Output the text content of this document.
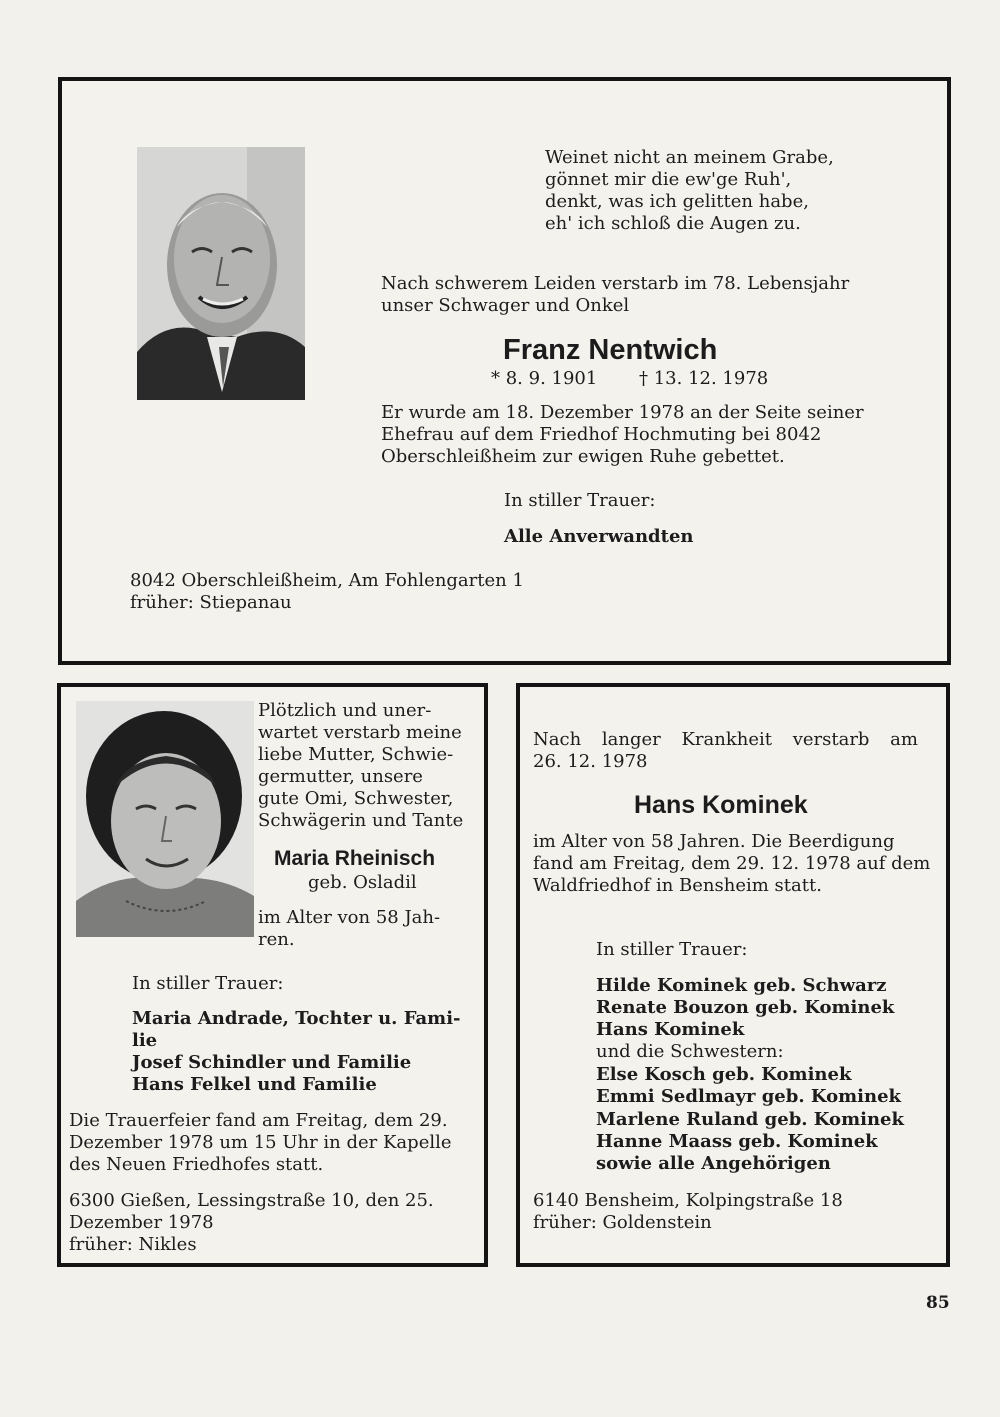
Weinet nicht an meinem Grabe,

gönnet mir die ew'ge Ruh',

denkt, was ich gelitten habe,

eh' ich schloß die Augen zu.

Nach schwerem Leiden verstarb im 78. Lebensjahr

unser Schwager und Onkel

Franz Nentwich

* 8. 9. 1901 † 13. 12. 1978

Er wurde am 18. Dezember 1978 an der Seite seiner

Ehefrau auf dem Friedhof Hochmuting bei 8042

Oberschleißheim zur ewigen Ruhe gebettet.

In stiller Trauer:

Alle Anverwandten

8042 Oberschleißheim, Am Fohlengarten 1

früher: Stiepanau

Plötzlich und uner-

wartet verstarb meine

liebe Mutter, Schwie-

germutter, unsere

gute Omi, Schwester,

Schwägerin und Tante

Maria Rheinisch

geb. Osladil

im Alter von 58 Jah-

ren.

In stiller Trauer:

Maria Andrade, Tochter u. Fami-

lie

Josef Schindler und Familie

Hans Felkel und Familie

Die Trauerfeier fand am Freitag, dem 29.

Dezember 1978 um 15 Uhr in der Kapelle

des Neuen Friedhofes statt.

6300 Gießen, Lessingstraße 10, den 25.

Dezember 1978

früher: Nikles

Nach langer Krankheit verstarb am

26. 12. 1978

Hans Kominek

im Alter von 58 Jahren. Die Beerdigung

fand am Freitag, dem 29. 12. 1978 auf dem

Waldfriedhof in Bensheim statt.

In stiller Trauer:

Hilde Kominek geb. Schwarz

Renate Bouzon geb. Kominek

Hans Kominek

und die Schwestern:

Else Kosch geb. Kominek

Emmi Sedlmayr geb. Kominek

Marlene Ruland geb. Kominek

Hanne Maass geb. Kominek

sowie alle Angehörigen

6140 Bensheim, Kolpingstraße 18

früher: Goldenstein

85
